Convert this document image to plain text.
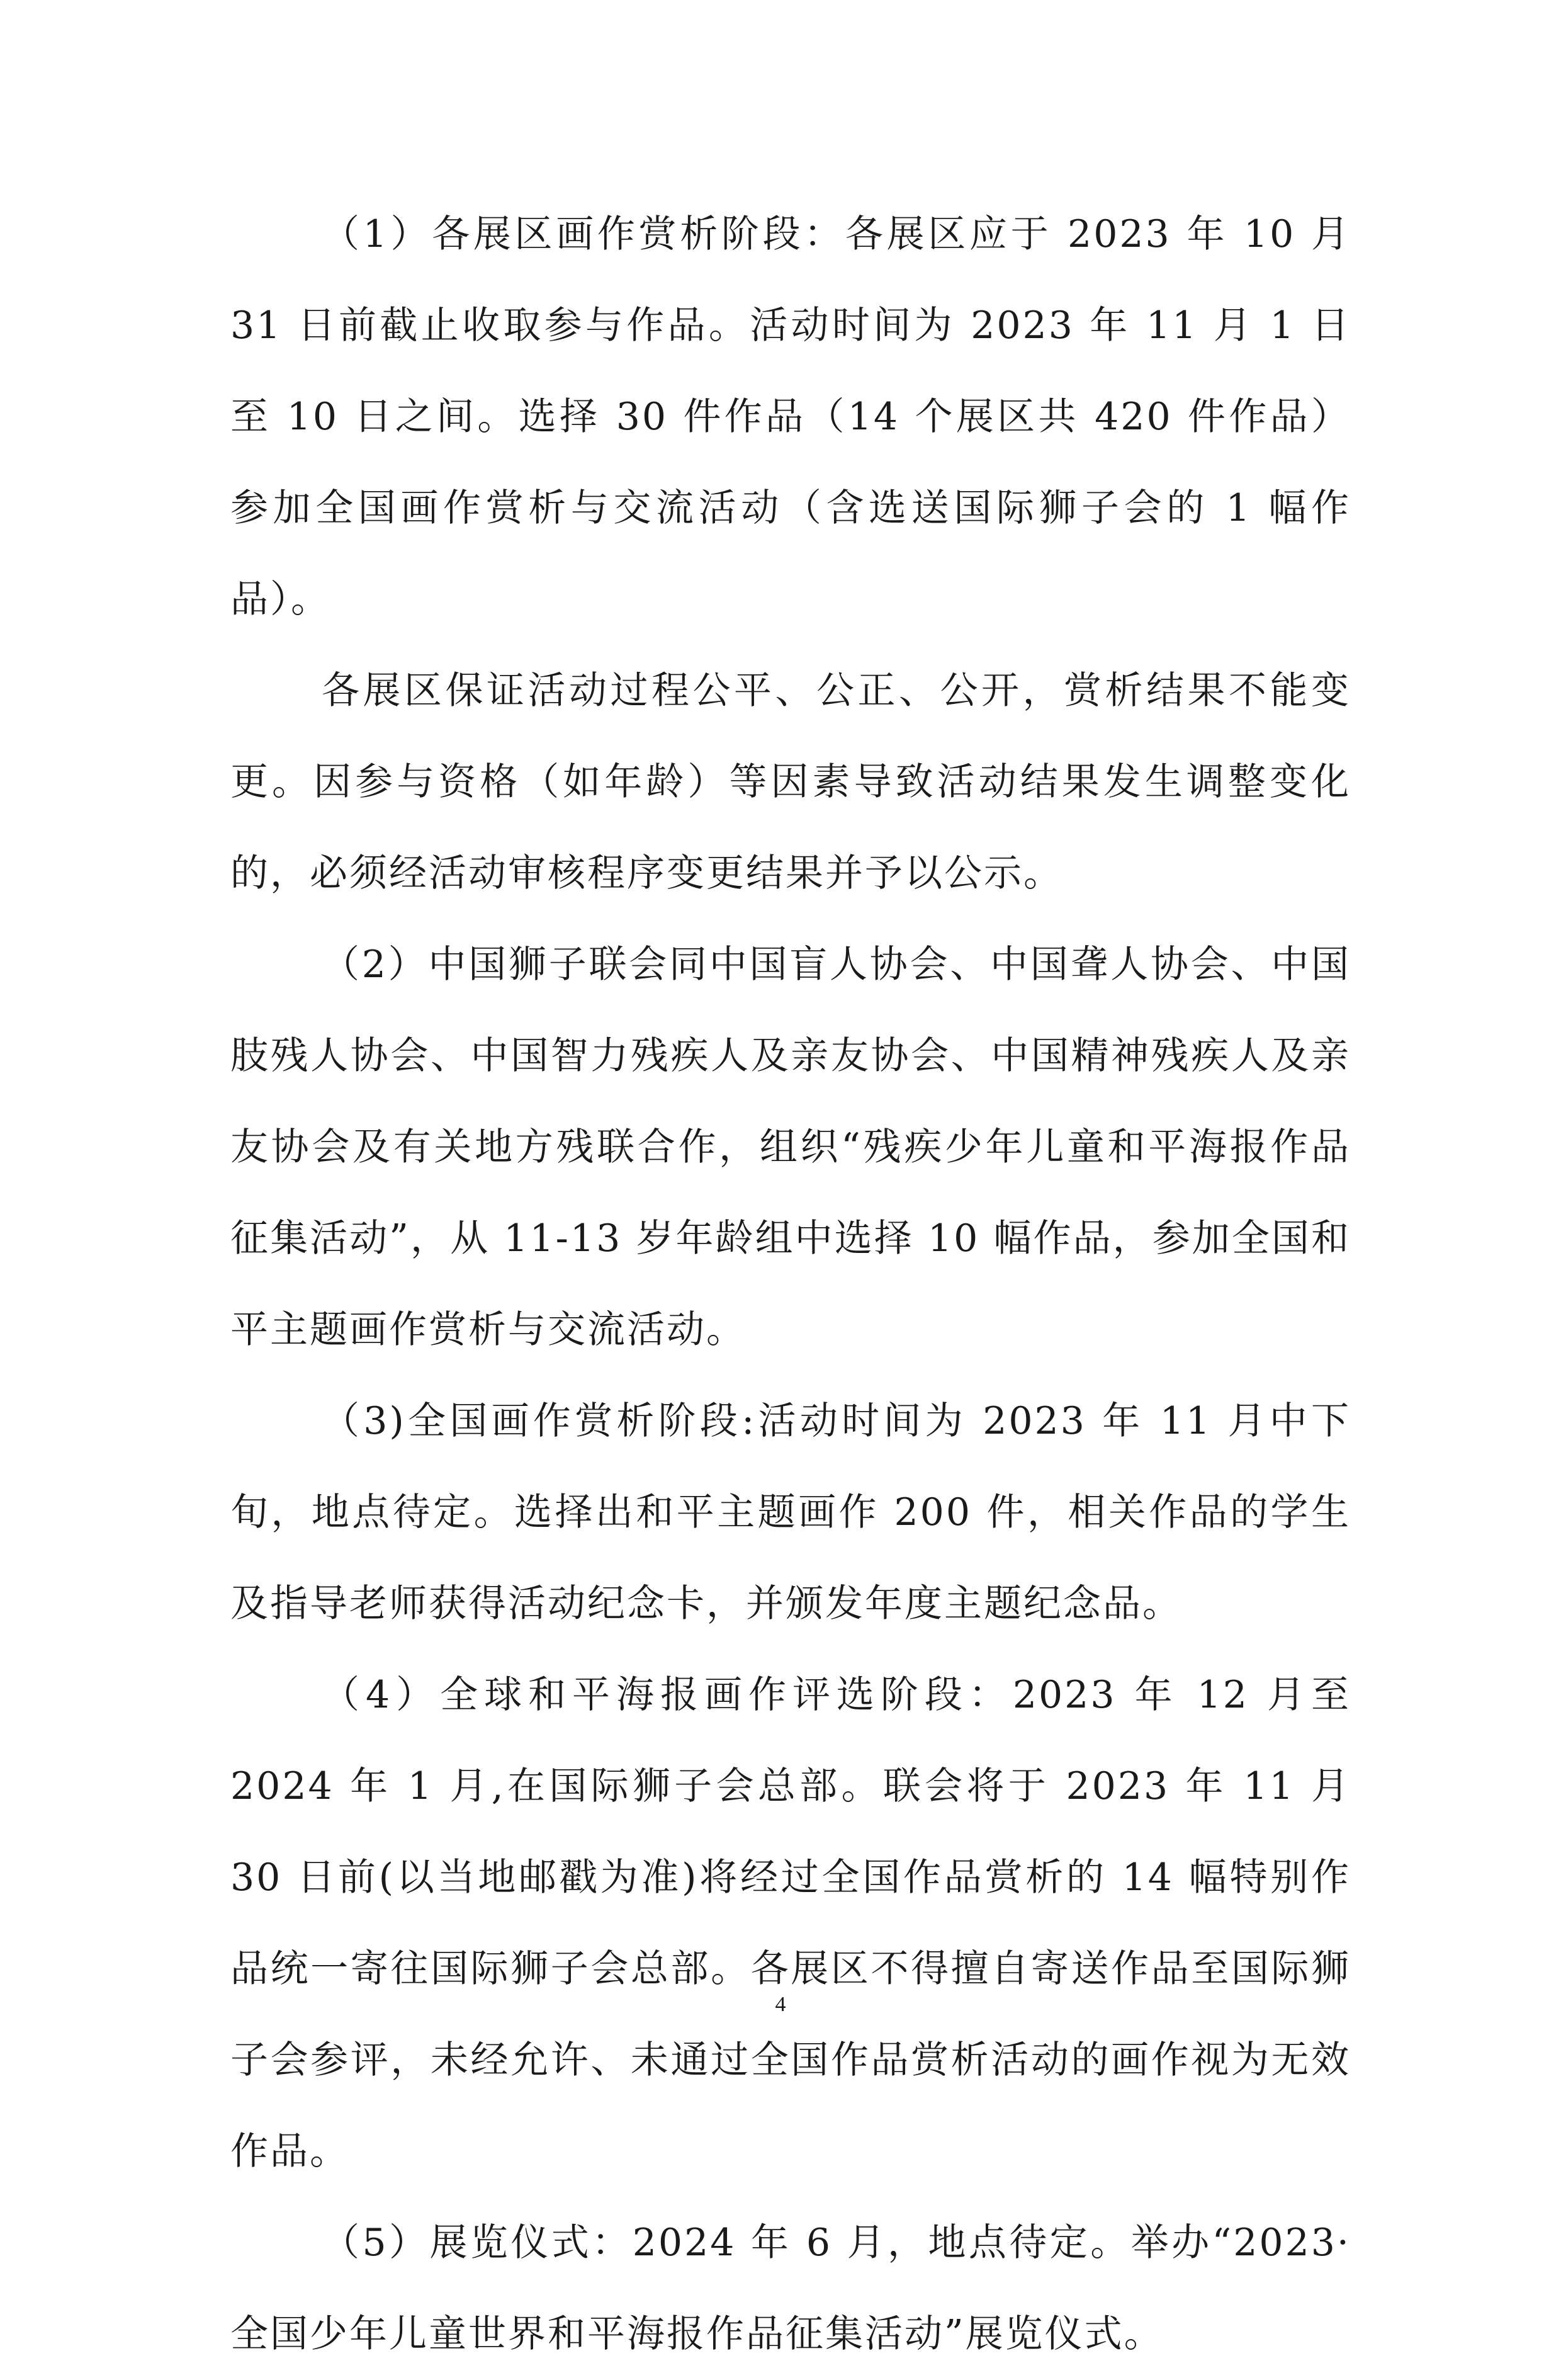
（1）各展区画作赏析阶段：各展区应于 2023 年 10 月 31 日前截止收取参与作品。活动时间为 2023 年 11 月 1 日至 10 日之间。选择 30 件作品（14 个展区共 420 件作品）参加全国画作赏析与交流活动（含选送国际狮子会的 1 幅作品）。

各展区保证活动过程公平、公正、公开，赏析结果不能变更。因参与资格（如年龄）等因素导致活动结果发生调整变化的，必须经活动审核程序变更结果并予以公示。

（2）中国狮子联会同中国盲人协会、中国聋人协会、中国肢残人协会、中国智力残疾人及亲友协会、中国精神残疾人及亲友协会及有关地方残联合作，组织“残疾少年儿童和平海报作品征集活动”，从 11-13 岁年龄组中选择 10 幅作品，参加全国和平主题画作赏析与交流活动。

（3)全国画作赏析阶段:活动时间为 2023 年 11 月中下旬，地点待定。选择出和平主题画作 200 件，相关作品的学生及指导老师获得活动纪念卡，并颁发年度主题纪念品。

（4）全球和平海报画作评选阶段：2023 年 12 月至 2024 年 1 月,在国际狮子会总部。联会将于 2023 年 11 月 30 日前(以当地邮戳为准)将经过全国作品赏析的 14 幅特别作品统一寄往国际狮子会总部。各展区不得擅自寄送作品至国际狮子会参评，未经允许、未通过全国作品赏析活动的画作视为无效作品。

（5）展览仪式：2024 年 6 月，地点待定。举办“2023·全国少年儿童世界和平海报作品征集活动”展览仪式。

4
